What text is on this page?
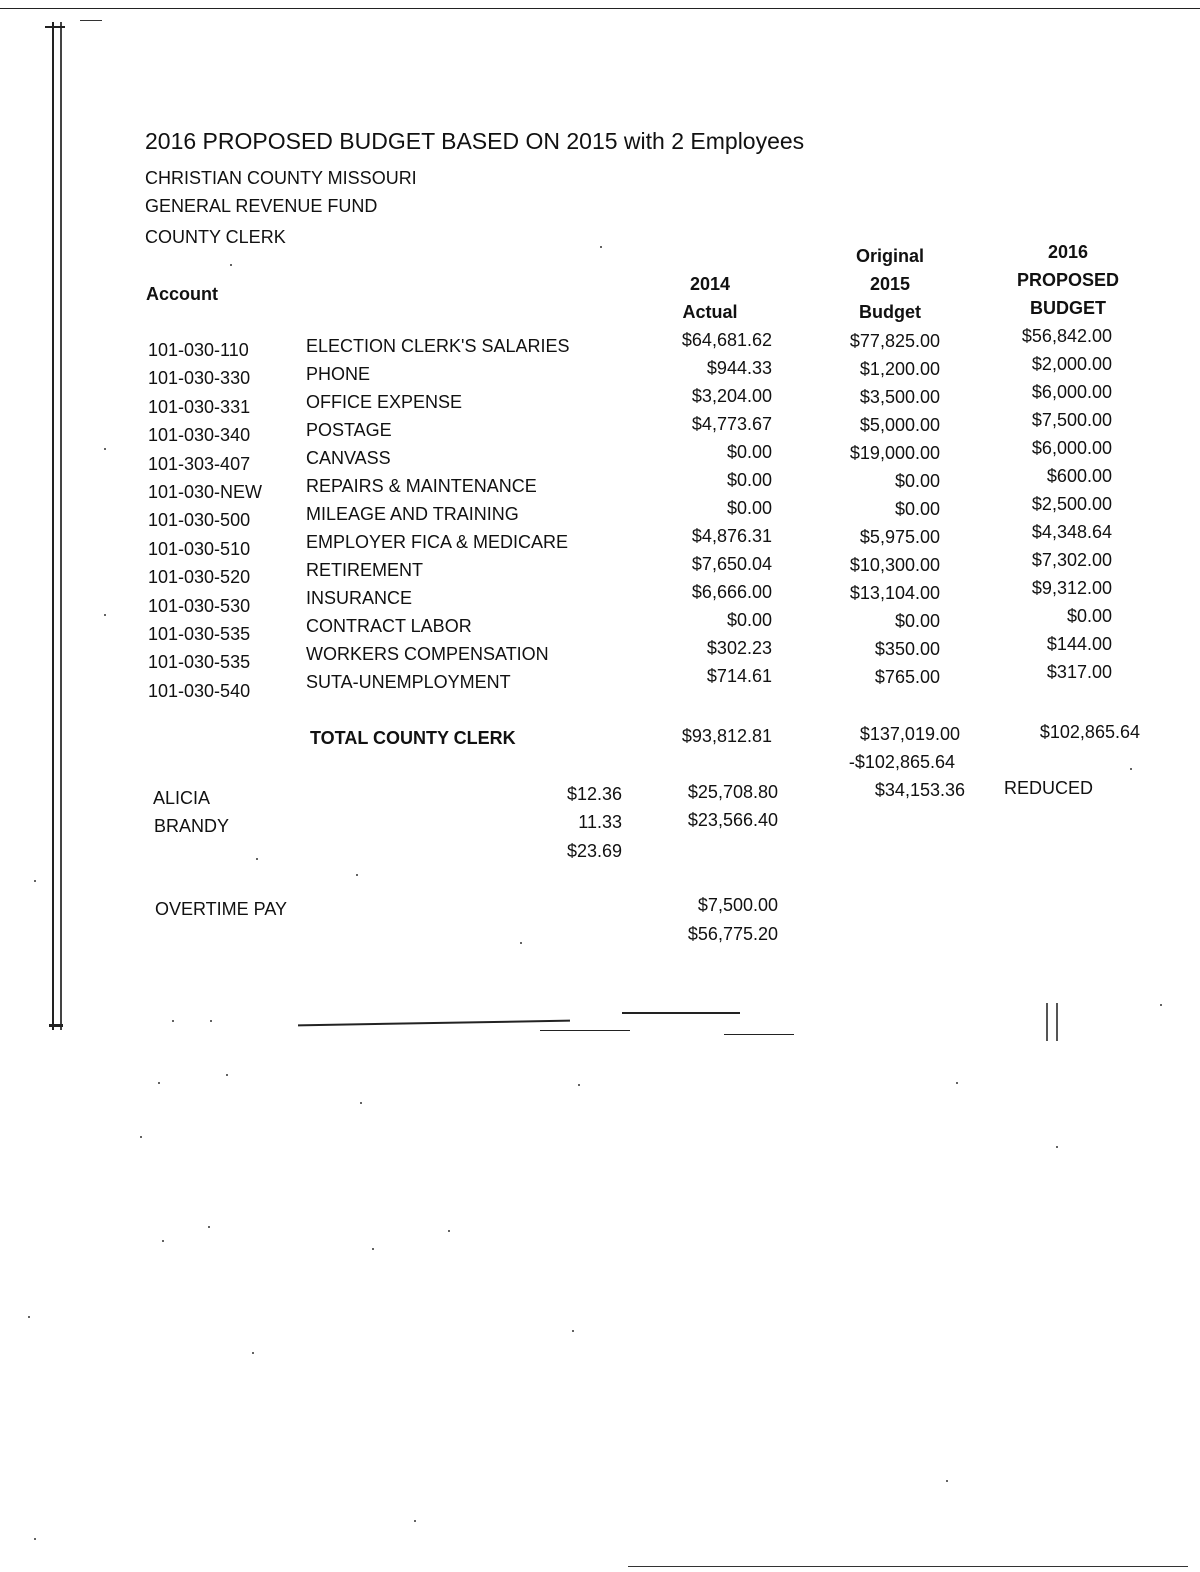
2016 PROPOSED BUDGET BASED ON 2015 with 2 Employees
CHRISTIAN COUNTY MISSOURI
GENERAL REVENUE FUND
COUNTY CLERK
Account	2014
Actual
Original
2015
Budget
2016
PROPOSED
BUDGET
101-030-110	ELECTION CLERK'S SALARIES	$64,681.62	$77,825.00	$56,842.00
101-030-330	PHONE	$944.33	$1,200.00	$2,000.00
101-030-331	OFFICE EXPENSE	$3,204.00	$3,500.00	$6,000.00
101-030-340	POSTAGE	$4,773.67	$5,000.00	$7,500.00
101-303-407	CANVASS	$0.00	$19,000.00	$6,000.00
101-030-NEW	REPAIRS & MAINTENANCE	$0.00	$0.00	$600.00
101-030-500	MILEAGE AND TRAINING	$0.00	$0.00	$2,500.00
101-030-510	EMPLOYER FICA & MEDICARE	$4,876.31	$5,975.00	$4,348.64
101-030-520	RETIREMENT	$7,650.04	$10,300.00	$7,302.00
101-030-530	INSURANCE	$6,666.00	$13,104.00	$9,312.00
101-030-535	CONTRACT LABOR	$0.00	$0.00	$0.00
101-030-535	WORKERS COMPENSATION	$302.23	$350.00	$144.00
101-030-540	SUTA-UNEMPLOYMENT	$714.61	$765.00	$317.00
TOTAL COUNTY CLERK	$93,812.81	$137,019.00	$102,865.64
-$102,865.64
ALICIA	$12.36	$25,708.80	$34,153.36 REDUCED
BRANDY	11.33	$23,566.40
$23.69
OVERTIME PAY	$7,500.00
$56,775.20
